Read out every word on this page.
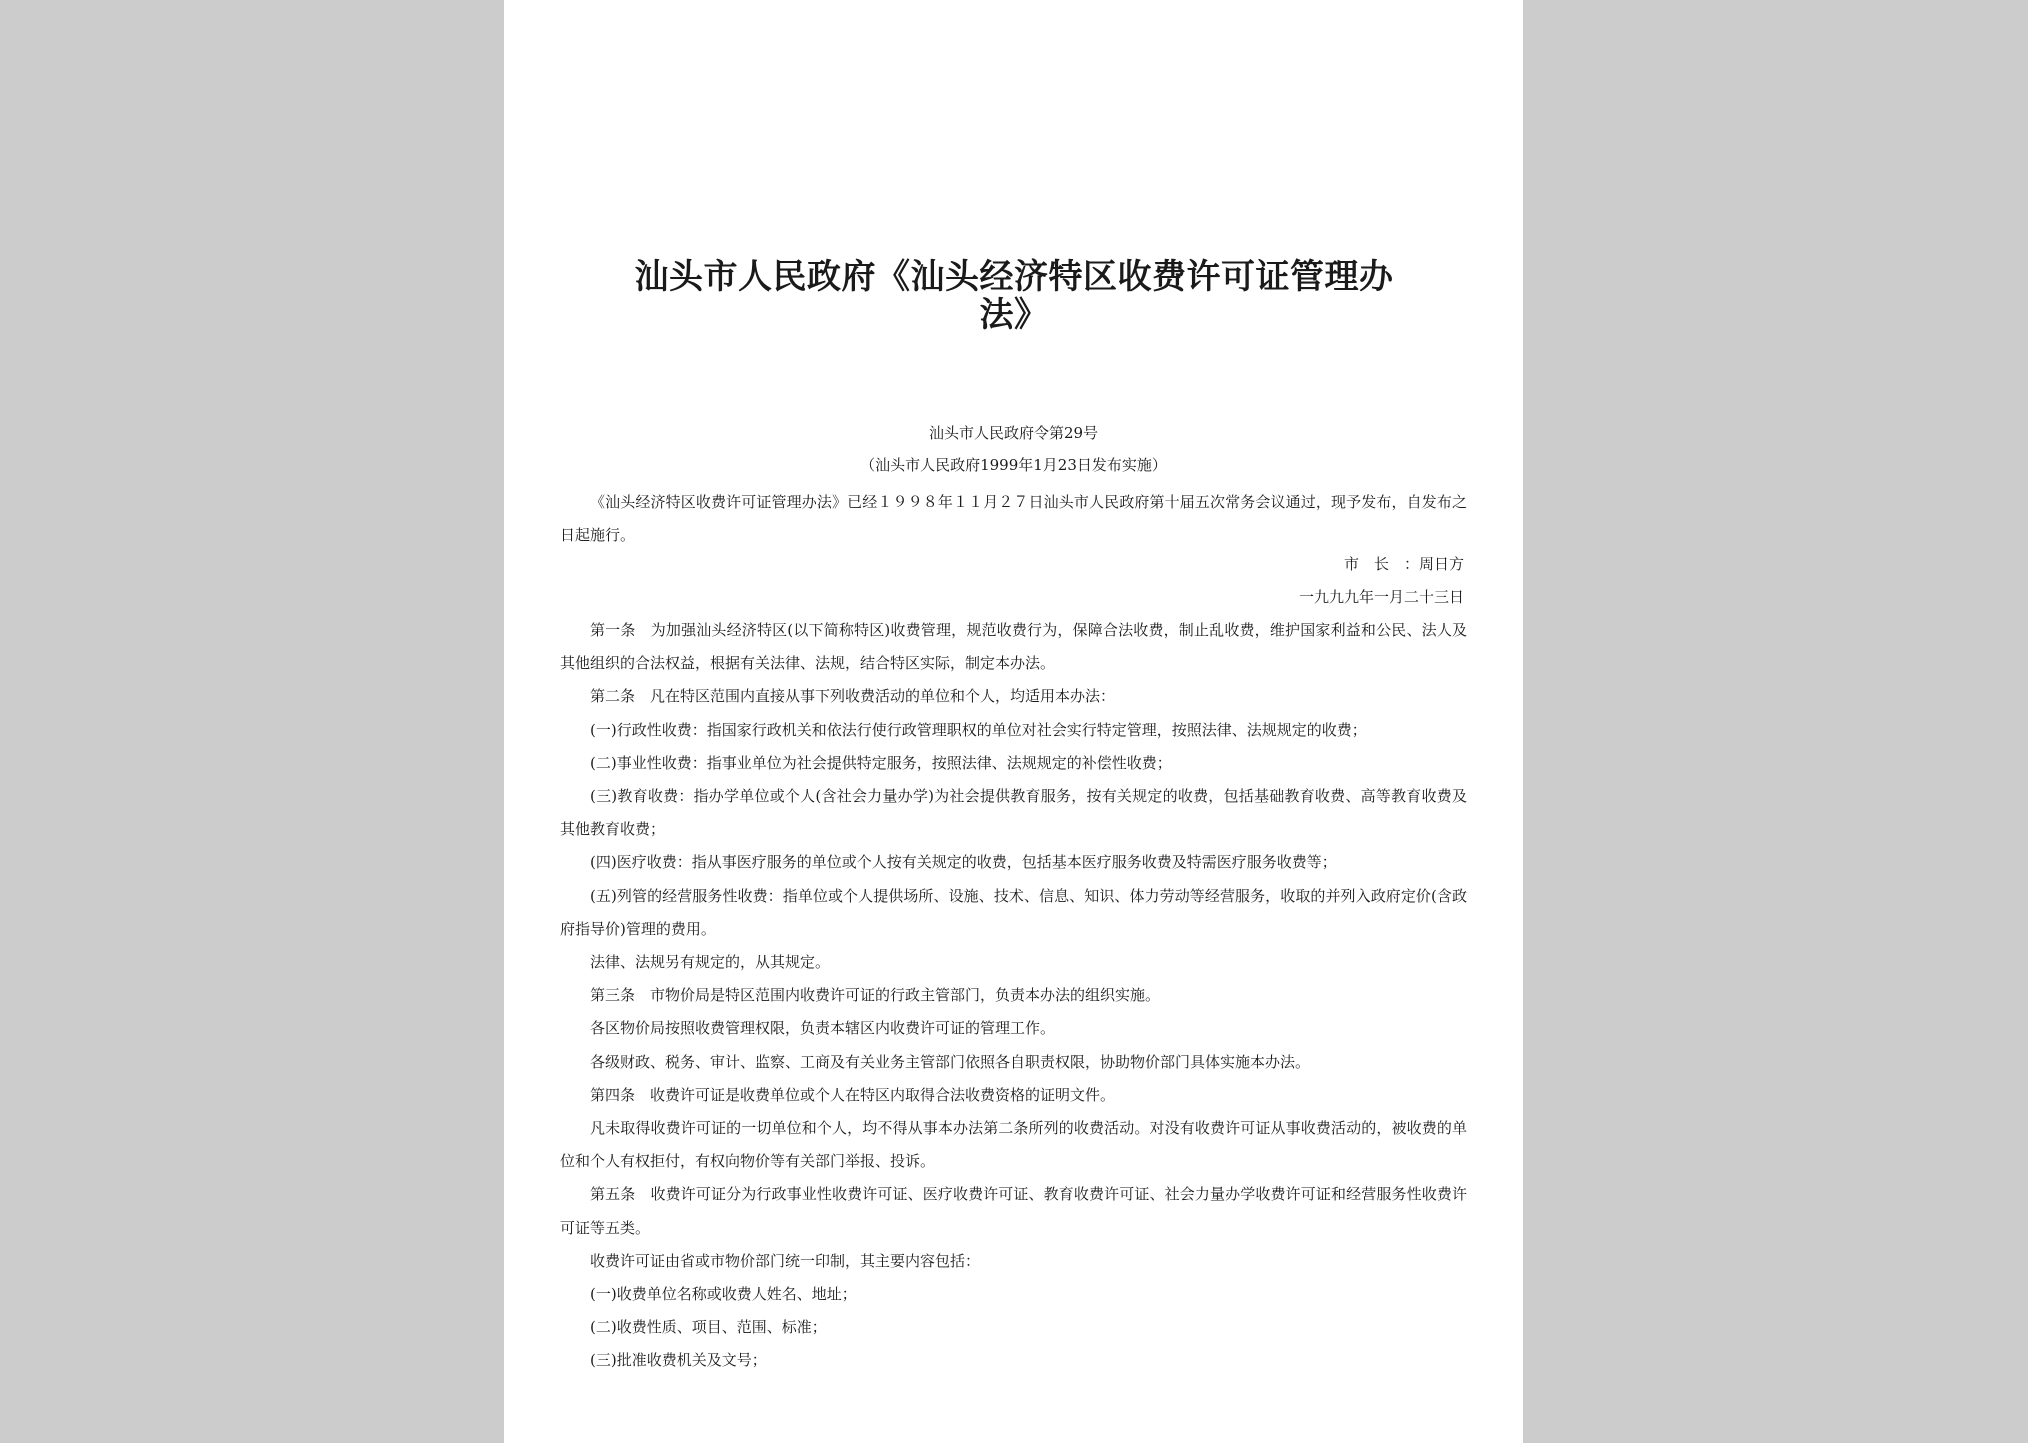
汕头市人民政府《汕头经济特区收费许可证管理办法》
汕头市人民政府令第29号
（汕头市人民政府1999年1月23日发布实施）

《汕头经济特区收费许可证管理办法》已经１９９８年１１月２７日汕头市人民政府第十届五次常务会议通过，现予发布，自发布之日起施行。

市　长　：周日方
一九九九年一月二十三日

第一条　为加强汕头经济特区(以下简称特区)收费管理，规范收费行为，保障合法收费，制止乱收费，维护国家利益和公民、法人及其他组织的合法权益，根据有关法律、法规，结合特区实际，制定本办法。

第二条　凡在特区范围内直接从事下列收费活动的单位和个人，均适用本办法：

(一)行政性收费：指国家行政机关和依法行使行政管理职权的单位对社会实行特定管理，按照法律、法规规定的收费；

(二)事业性收费：指事业单位为社会提供特定服务，按照法律、法规规定的补偿性收费；

(三)教育收费：指办学单位或个人(含社会力量办学)为社会提供教育服务，按有关规定的收费，包括基础教育收费、高等教育收费及其他教育收费；

(四)医疗收费：指从事医疗服务的单位或个人按有关规定的收费，包括基本医疗服务收费及特需医疗服务收费等；

(五)列管的经营服务性收费：指单位或个人提供场所、设施、技术、信息、知识、体力劳动等经营服务，收取的并列入政府定价(含政府指导价)管理的费用。

法律、法规另有规定的，从其规定。

第三条　市物价局是特区范围内收费许可证的行政主管部门，负责本办法的组织实施。

各区物价局按照收费管理权限，负责本辖区内收费许可证的管理工作。

各级财政、税务、审计、监察、工商及有关业务主管部门依照各自职责权限，协助物价部门具体实施本办法。

第四条　收费许可证是收费单位或个人在特区内取得合法收费资格的证明文件。

凡未取得收费许可证的一切单位和个人，均不得从事本办法第二条所列的收费活动。对没有收费许可证从事收费活动的，被收费的单位和个人有权拒付，有权向物价等有关部门举报、投诉。

第五条　收费许可证分为行政事业性收费许可证、医疗收费许可证、教育收费许可证、社会力量办学收费许可证和经营服务性收费许可证等五类。

收费许可证由省或市物价部门统一印制，其主要内容包括：

(一)收费单位名称或收费人姓名、地址；

(二)收费性质、项目、范围、标准；

(三)批准收费机关及文号；
